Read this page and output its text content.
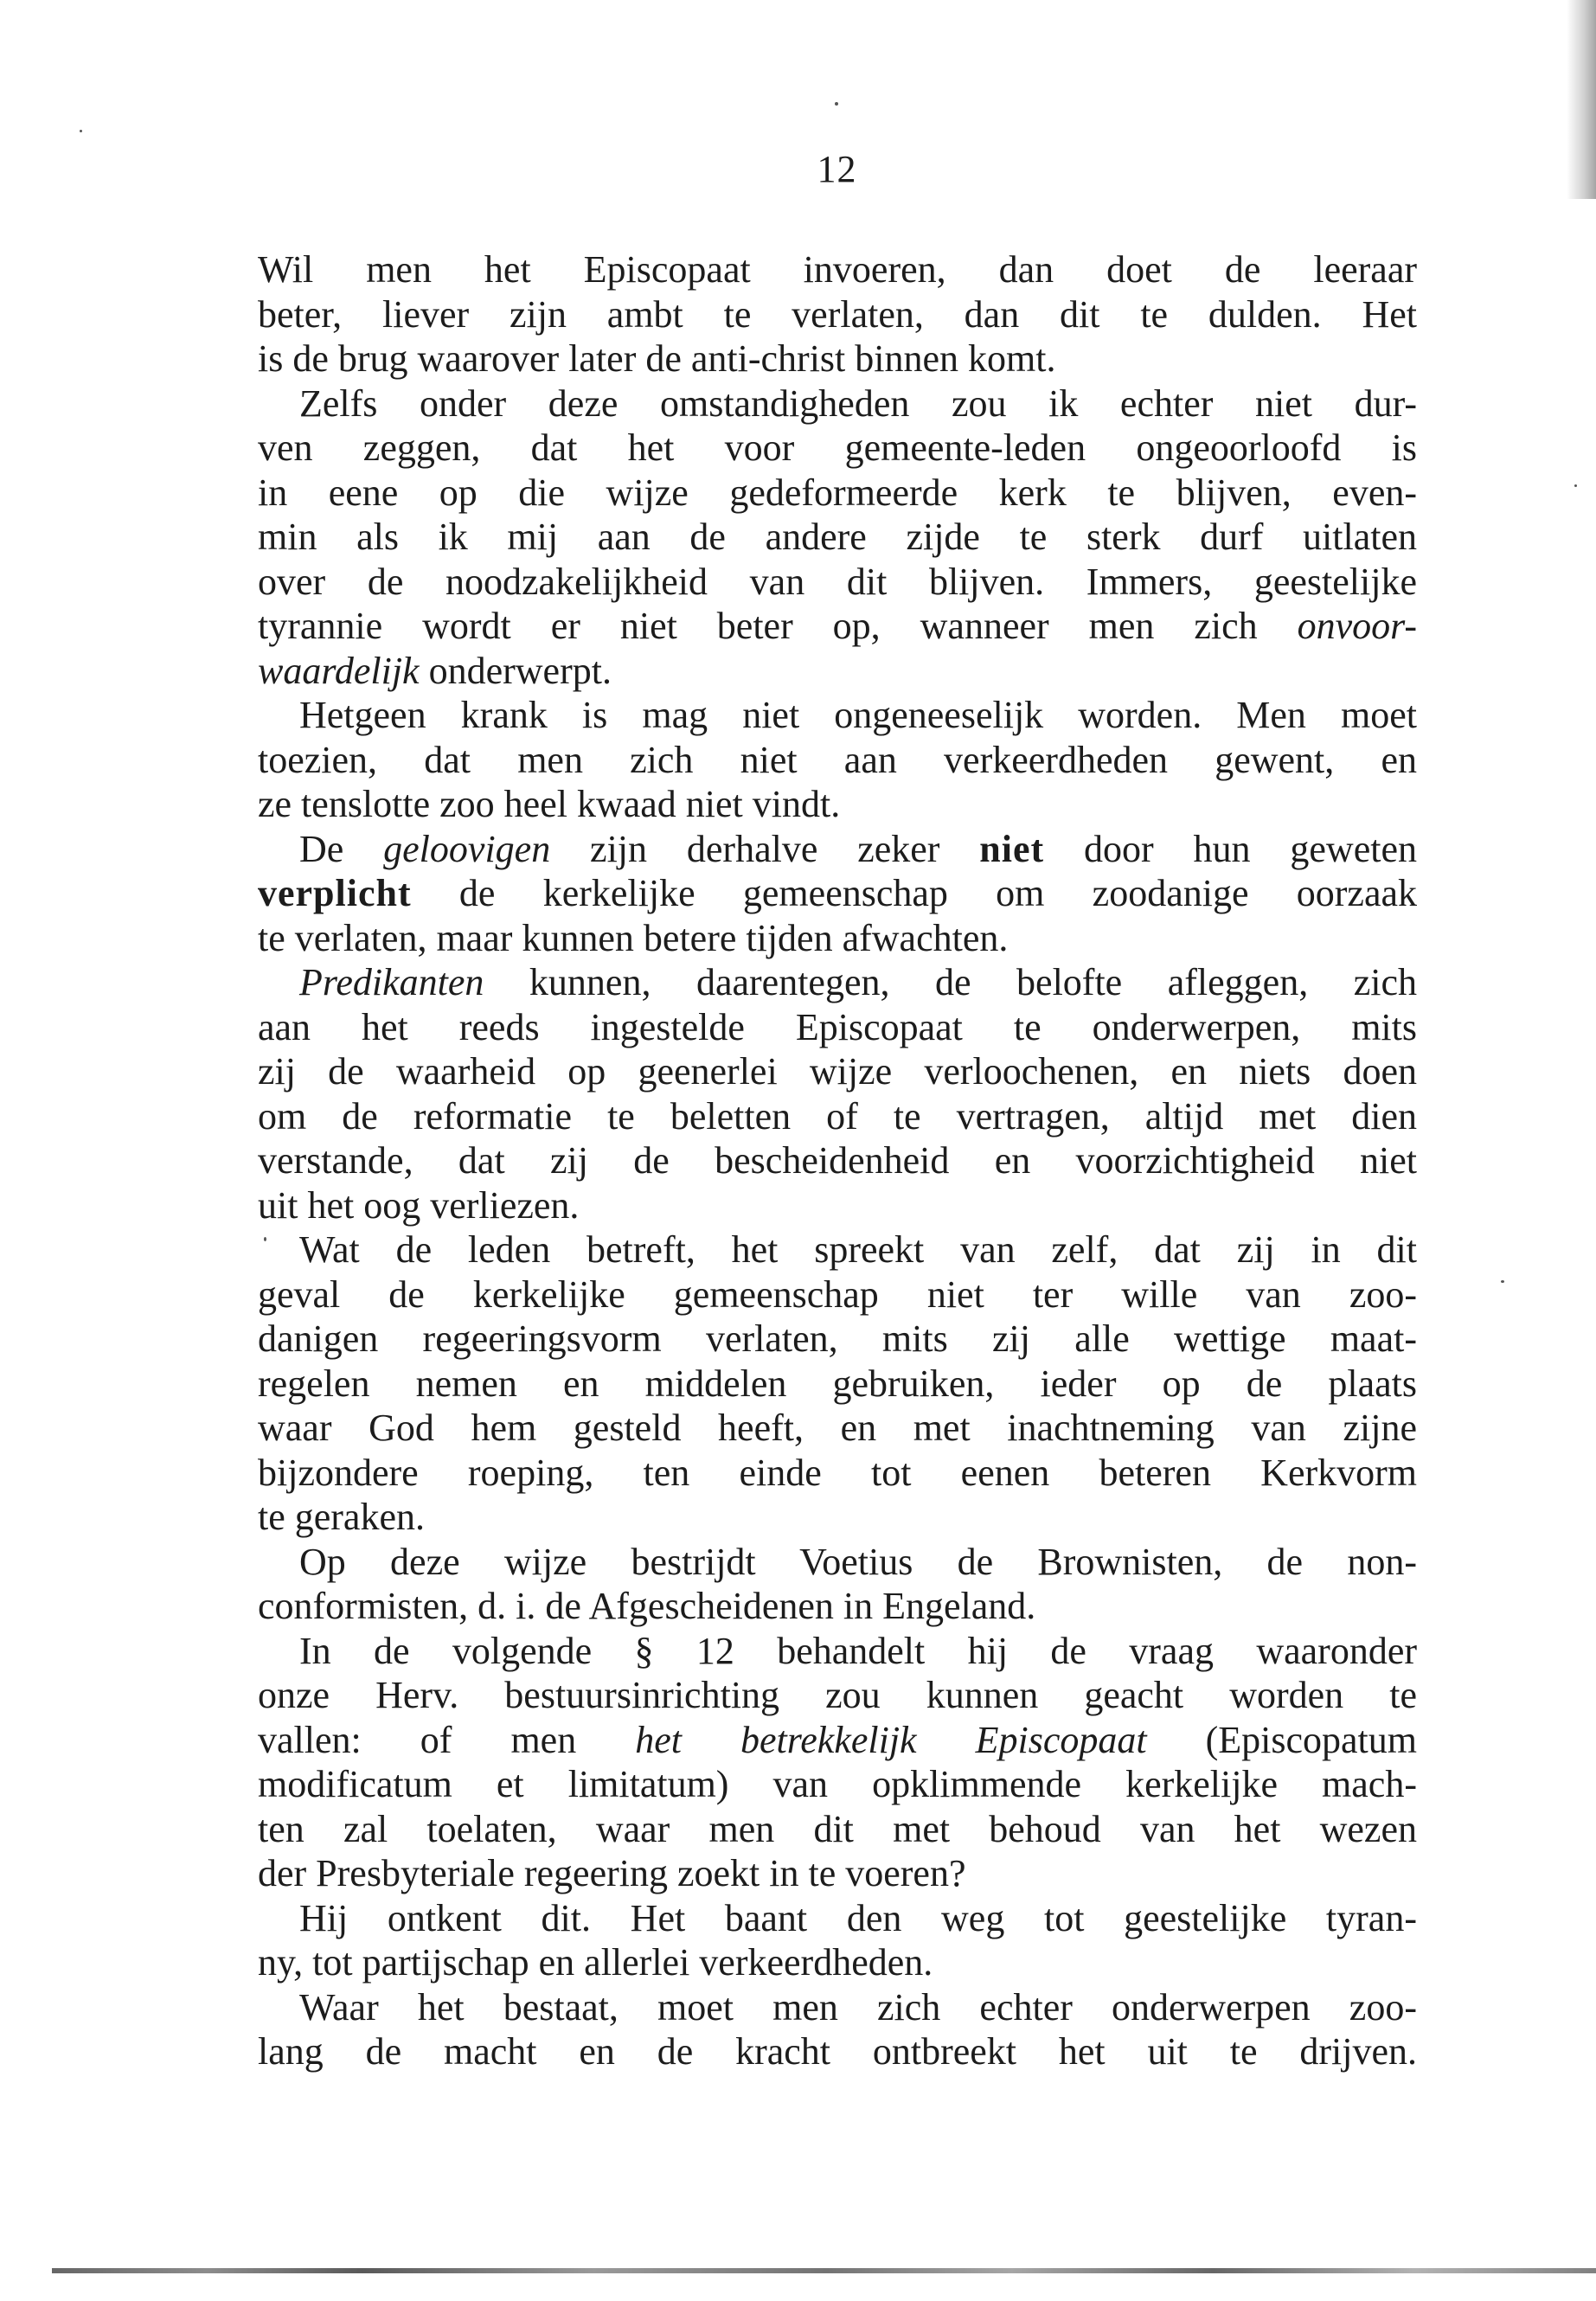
12
Wil men het Episcopaat invoeren, dan doet de leeraar
beter, liever zijn ambt te verlaten, dan dit te dulden. Het
is de brug waarover later de anti-christ binnen komt.
Zelfs onder deze omstandigheden zou ik echter niet dur-
ven zeggen, dat het voor gemeente-leden ongeoorloofd is
in eene op die wijze gedeformeerde kerk te blijven, even-
min als ik mij aan de andere zijde te sterk durf uitlaten
over de noodzakelijkheid van dit blijven. Immers, geestelijke
tyrannie wordt er niet beter op, wanneer men zich onvoor-
waardelijk onderwerpt.
Hetgeen krank is mag niet ongeneeselijk worden. Men moet
toezien, dat men zich niet aan verkeerdheden gewent, en
ze tenslotte zoo heel kwaad niet vindt.
De geloovigen zijn derhalve zeker niet door hun geweten
verplicht de kerkelijke gemeenschap om zoodanige oorzaak
te verlaten, maar kunnen betere tijden afwachten.
Predikanten kunnen, daarentegen, de belofte afleggen, zich
aan het reeds ingestelde Episcopaat te onderwerpen, mits
zij de waarheid op geenerlei wijze verloochenen, en niets doen
om de reformatie te beletten of te vertragen, altijd met dien
verstande, dat zij de bescheidenheid en voorzichtigheid niet
uit het oog verliezen.
Wat de leden betreft, het spreekt van zelf, dat zij in dit
geval de kerkelijke gemeenschap niet ter wille van zoo-
danigen regeeringsvorm verlaten, mits zij alle wettige maat-
regelen nemen en middelen gebruiken, ieder op de plaats
waar God hem gesteld heeft, en met inachtneming van zijne
bijzondere roeping, ten einde tot eenen beteren Kerkvorm
te geraken.
Op deze wijze bestrijdt Voetius de Brownisten, de non-
conformisten, d. i. de Afgescheidenen in Engeland.
In de volgende § 12 behandelt hij de vraag waaronder
onze Herv. bestuursinrichting zou kunnen geacht worden te
vallen: of men het betrekkelijk Episcopaat (Episcopatum
modificatum et limitatum) van opklimmende kerkelijke mach-
ten zal toelaten, waar men dit met behoud van het wezen
der Presbyteriale regeering zoekt in te voeren?
Hij ontkent dit. Het baant den weg tot geestelijke tyran-
ny, tot partijschap en allerlei verkeerdheden.
Waar het bestaat, moet men zich echter onderwerpen zoo-
lang de macht en de kracht ontbreekt het uit te drijven.
